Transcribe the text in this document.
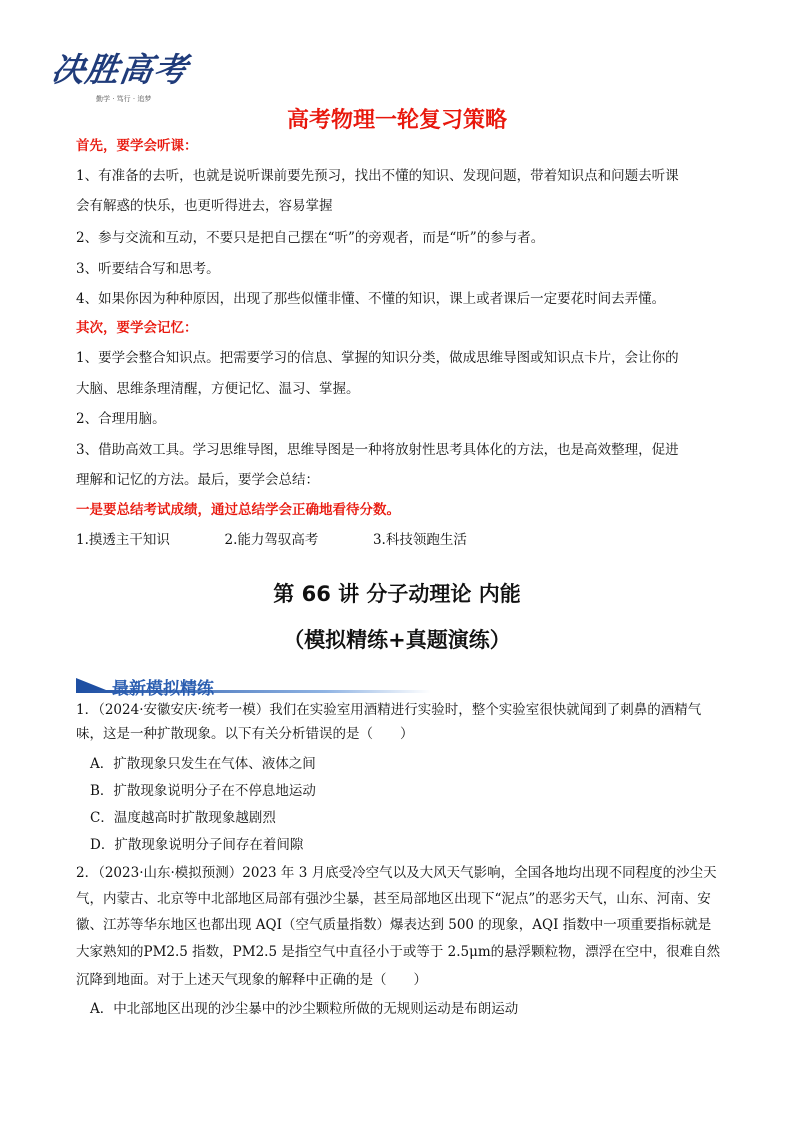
决胜高考
勤学 · 笃行 · 追梦
高考物理一轮复习策略
首先，要学会听课：
1、有准备的去听，也就是说听课前要先预习，找出不懂的知识、发现问题，带着知识点和问题去听课
会有解惑的快乐，也更听得进去，容易掌握
2、参与交流和互动，不要只是把自己摆在“听”的旁观者，而是“听”的参与者。
3、听要结合写和思考。
4、如果你因为种种原因，出现了那些似懂非懂、不懂的知识，课上或者课后一定要花时间去弄懂。
其次，要学会记忆：
1、要学会整合知识点。把需要学习的信息、掌握的知识分类，做成思维导图或知识点卡片，会让你的
大脑、思维条理清醒，方便记忆、温习、掌握。
2、合理用脑。
3、借助高效工具。学习思维导图，思维导图是一种将放射性思考具体化的方法，也是高效整理，促进
理解和记忆的方法。最后，要学会总结：
一是要总结考试成绩，通过总结学会正确地看待分数。
1.摸透主干知识	2.能力驾驭高考	3.科技领跑生活
第 66 讲 分子动理论 内能
（模拟精练+真题演练）
最新模拟精练
1．（2024·安徽安庆·统考一模）我们在实验室用酒精进行实验时，整个实验室很快就闻到了刺鼻的酒精气
味，这是一种扩散现象。以下有关分析错误的是（　　）
A．扩散现象只发生在气体、液体之间
B．扩散现象说明分子在不停息地运动
C．温度越高时扩散现象越剧烈
D．扩散现象说明分子间存在着间隙
2．（2023·山东·模拟预测）2023 年 3 月底受冷空气以及大风天气影响，全国各地均出现不同程度的沙尘天
气，内蒙古、北京等中北部地区局部有强沙尘暴，甚至局部地区出现下“泥点”的恶劣天气，山东、河南、安
徽、江苏等华东地区也都出现 AQI（空气质量指数）爆表达到 500 的现象，AQI 指数中一项重要指标就是
大家熟知的PM2.5 指数，PM2.5 是指空气中直径小于或等于 2.5μm的悬浮颗粒物，漂浮在空中，很难自然
沉降到地面。对于上述天气现象的解释中正确的是（　　）
A．中北部地区出现的沙尘暴中的沙尘颗粒所做的无规则运动是布朗运动
